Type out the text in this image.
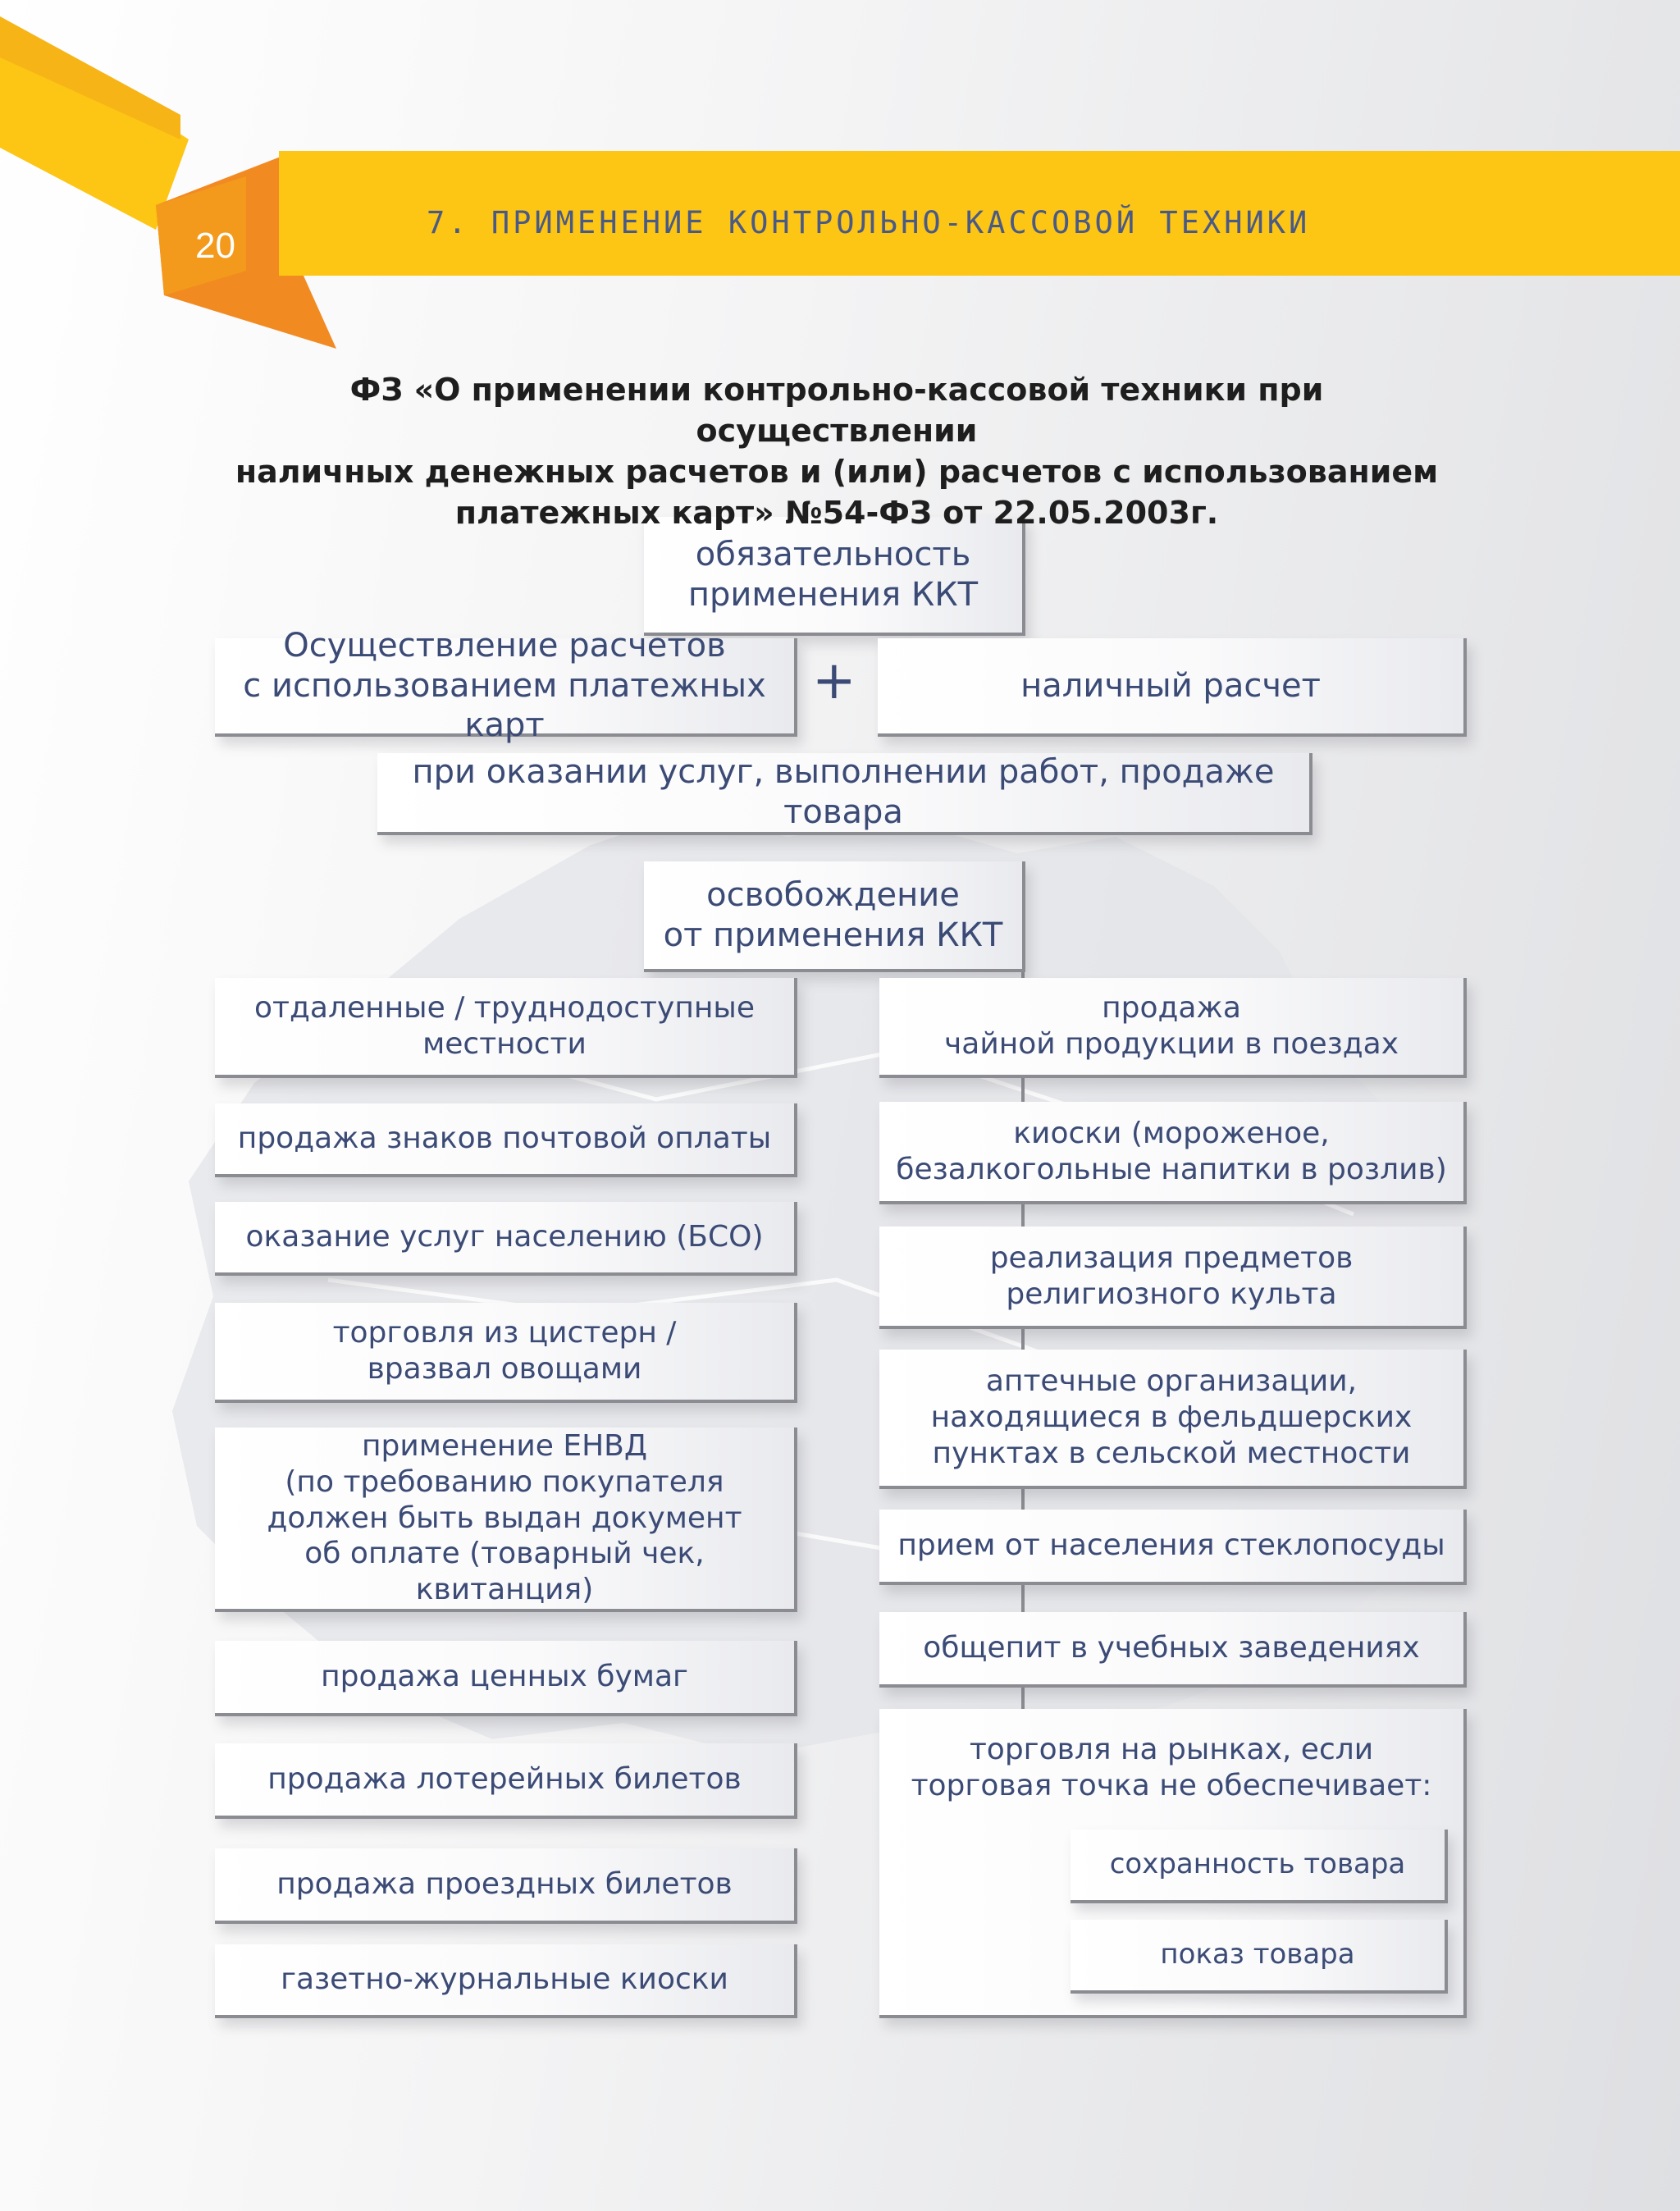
20
7. ПРИМЕНЕНИЕ КОНТРОЛЬНО-КАССОВОЙ ТЕХНИКИ
ФЗ «О применении контрольно-кассовой техники при осуществлении
наличных денежных расчетов и (или) расчетов с использованием
платежных карт» №54-ФЗ от 22.05.2003г.
обязательность
применения ККТ
Осуществление расчетов
с использованием платежных карт
+	наличный расчет
при оказании услуг, выполнении работ, продаже товара
освобождение
от применения ККТ
отдаленные / труднодоступные
местности
продажа знаков почтовой оплаты
оказание услуг населению (БСО)
торговля из цистерн /
вразвал овощами
применение ЕНВД
(по требованию покупателя
должен быть выдан документ
об оплате (товарный чек, квитанция)
продажа ценных бумаг
продажа лотерейных билетов
продажа проездных билетов
газетно-журнальные киоски
продажа
чайной продукции в поездах
киоски (мороженое,
безалкогольные напитки в розлив)
реализация предметов
религиозного культа
аптечные организации,
находящиеся в фельдшерских
пунктах в сельской местности
прием от населения стеклопосуды
общепит в учебных заведениях
торговля на рынках, если
торговая точка не обеспечивает:
сохранность товара
показ товара
